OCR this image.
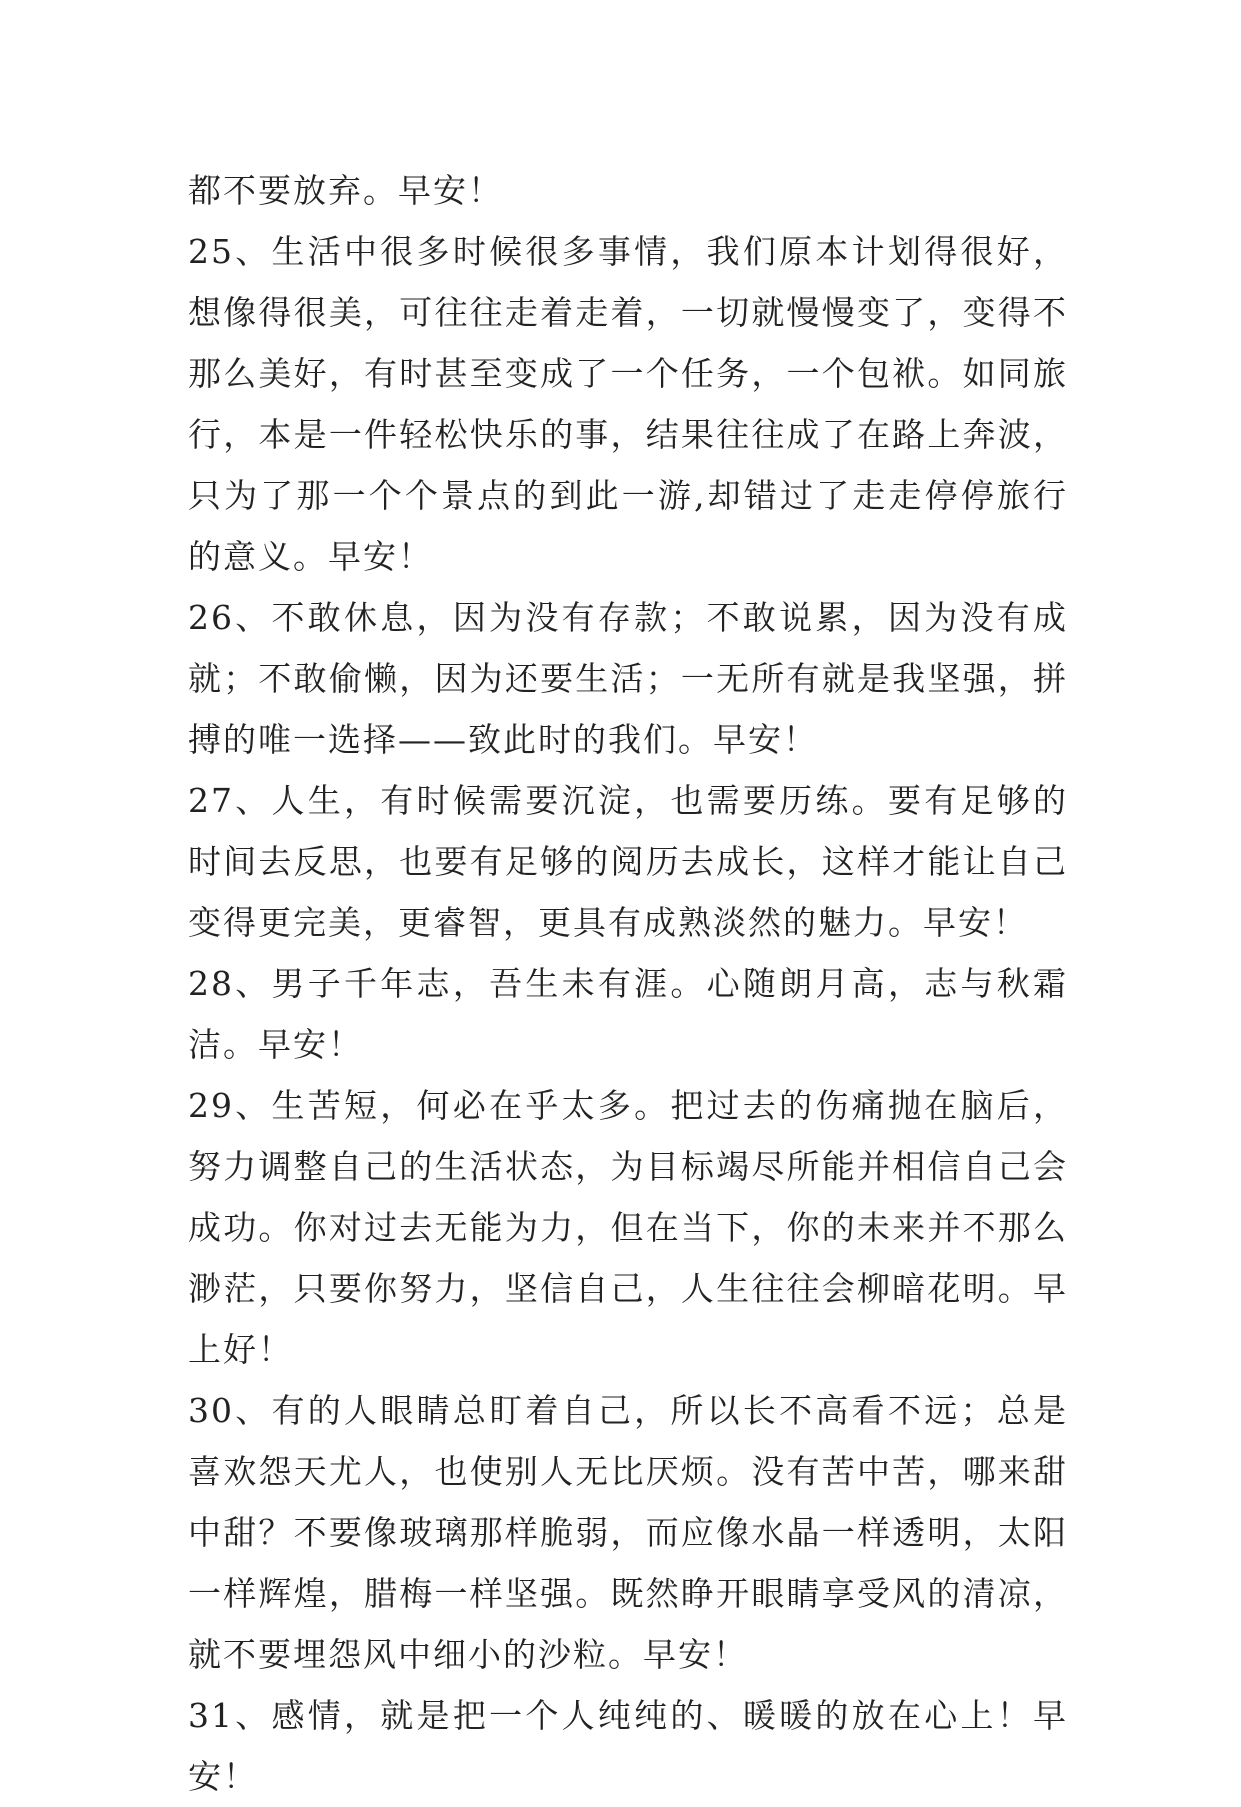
都不要放弃。早安！

25、生活中很多时候很多事情，我们原本计划得很好，想像得很美，可往往走着走着，一切就慢慢变了，变得不那么美好，有时甚至变成了一个任务，一个包袱。如同旅行，本是一件轻松快乐的事，结果往往成了在路上奔波，只为了那一个个景点的到此一游,却错过了走走停停旅行的意义。早安！

26、不敢休息，因为没有存款；不敢说累，因为没有成就；不敢偷懒，因为还要生活；一无所有就是我坚强，拼搏的唯一选择——致此时的我们。早安！

27、人生，有时候需要沉淀，也需要历练。要有足够的时间去反思，也要有足够的阅历去成长，这样才能让自己变得更完美，更睿智，更具有成熟淡然的魅力。早安！

28、男子千年志，吾生未有涯。心随朗月高，志与秋霜洁。早安！

29、生苦短，何必在乎太多。把过去的伤痛抛在脑后，努力调整自己的生活状态，为目标竭尽所能并相信自己会成功。你对过去无能为力，但在当下，你的未来并不那么渺茫，只要你努力，坚信自己，人生往往会柳暗花明。早上好！

30、有的人眼睛总盯着自己，所以长不高看不远；总是喜欢怨天尤人，也使别人无比厌烦。没有苦中苦，哪来甜中甜？不要像玻璃那样脆弱，而应像水晶一样透明，太阳一样辉煌，腊梅一样坚强。既然睁开眼睛享受风的清凉，就不要埋怨风中细小的沙粒。早安！

31、感情，就是把一个人纯纯的、暖暖的放在心上！早安！
